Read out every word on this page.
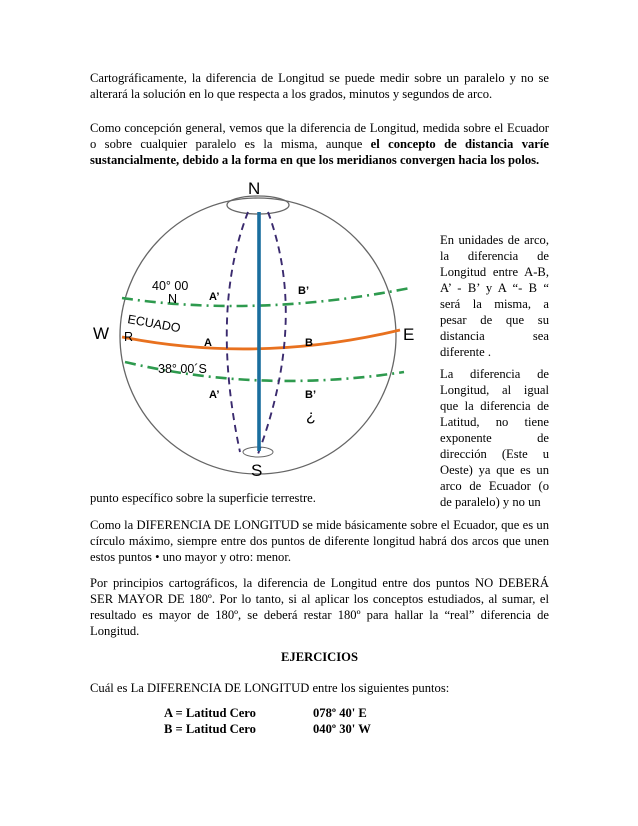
Cartográficamente, la diferencia de Longitud se puede medir sobre un paralelo y no se alterará la solución en lo que respecta a los grados, minutos y segundos de arco.

Como concepción general, vemos que la diferencia de Longitud, medida sobre el Ecuador o sobre cualquier paralelo es la misma, aunque el concepto de distancia varíe sustancialmente, debido a la forma en que los meridianos convergen hacia los polos.

N
S
W	E
ECUADO
R
40° 00
N
38° 00´S
A’	B’
A	B
A’	B’
¿
En unidades de arco, la diferencia de Longitud entre A-B, A’ - B’ y A “- B “ será la misma, a pesar de que su distancia sea diferente .
La diferencia de Longitud, al igual que la diferencia de Latitud, no tiene exponente de dirección (Este u Oeste) ya que es un arco de Ecuador (o de paralelo) y no un

punto específico sobre la superficie terrestre.

Como la DIFERENCIA DE LONGITUD se mide básicamente sobre el Ecuador, que es un círculo máximo, siempre entre dos puntos de diferente longitud habrá dos arcos que unen estos puntos • uno mayor y otro: menor.

Por principios cartográficos, la diferencia de Longitud entre dos puntos NO DEBERÁ SER MAYOR DE 180º. Por lo tanto, si al aplicar los conceptos estudiados, al sumar, el resultado es mayor de 180º, se deberá restar 180º para hallar la “real” diferencia de Longitud.

EJERCICIOS

Cuál es La DIFERENCIA DE LONGITUD entre los siguientes puntos:

A = Latitud Cero	078º 40' E
B = Latitud Cero	040º 30' W
